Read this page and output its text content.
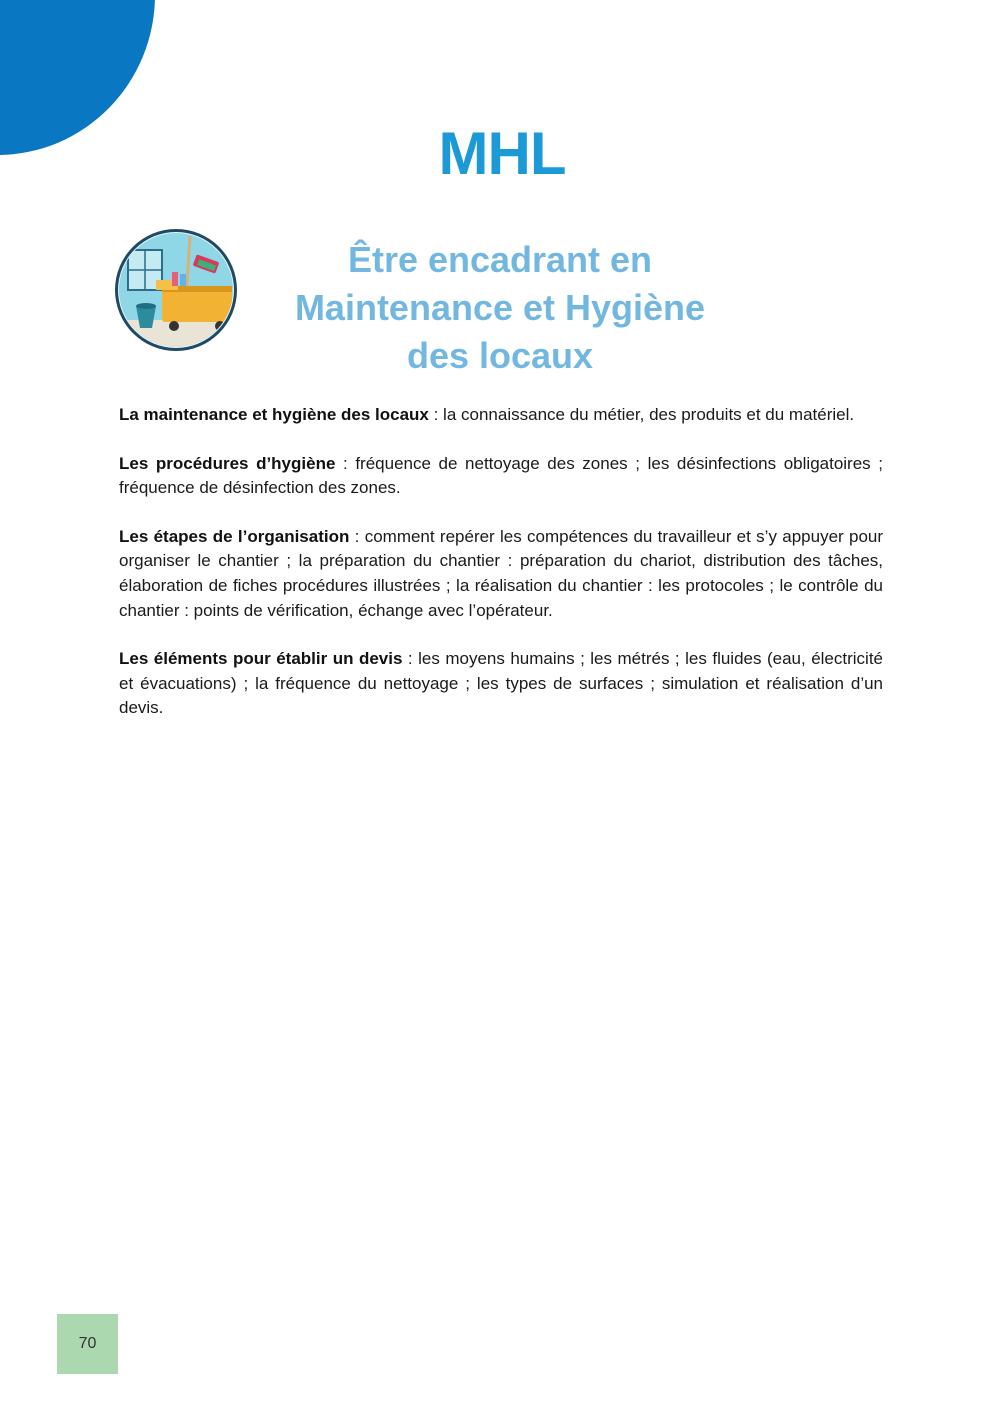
MHL
Être encadrant en
Maintenance et Hygiène
des locaux

La maintenance et hygiène des locaux : la connaissance du métier, des produits et du matériel.

Les procédures d’hygiène : fréquence de nettoyage des zones ; les désinfections obligatoires ; fréquence de désinfection des zones.

Les étapes de l’organisation : comment repérer les compétences du travailleur et s’y appuyer pour organiser le chantier ; la préparation du chantier : préparation du chariot, distribution des tâches, élaboration de fiches procédures illustrées ; la réalisation du chantier : les protocoles ; le contrôle du chantier : points de vérification, échange avec l’opérateur.

Les éléments pour établir un devis : les moyens humains ; les métrés ; les fluides (eau, électricité et évacuations) ; la fréquence du nettoyage ; les types de surfaces ; simulation et réalisation d’un devis.

70
